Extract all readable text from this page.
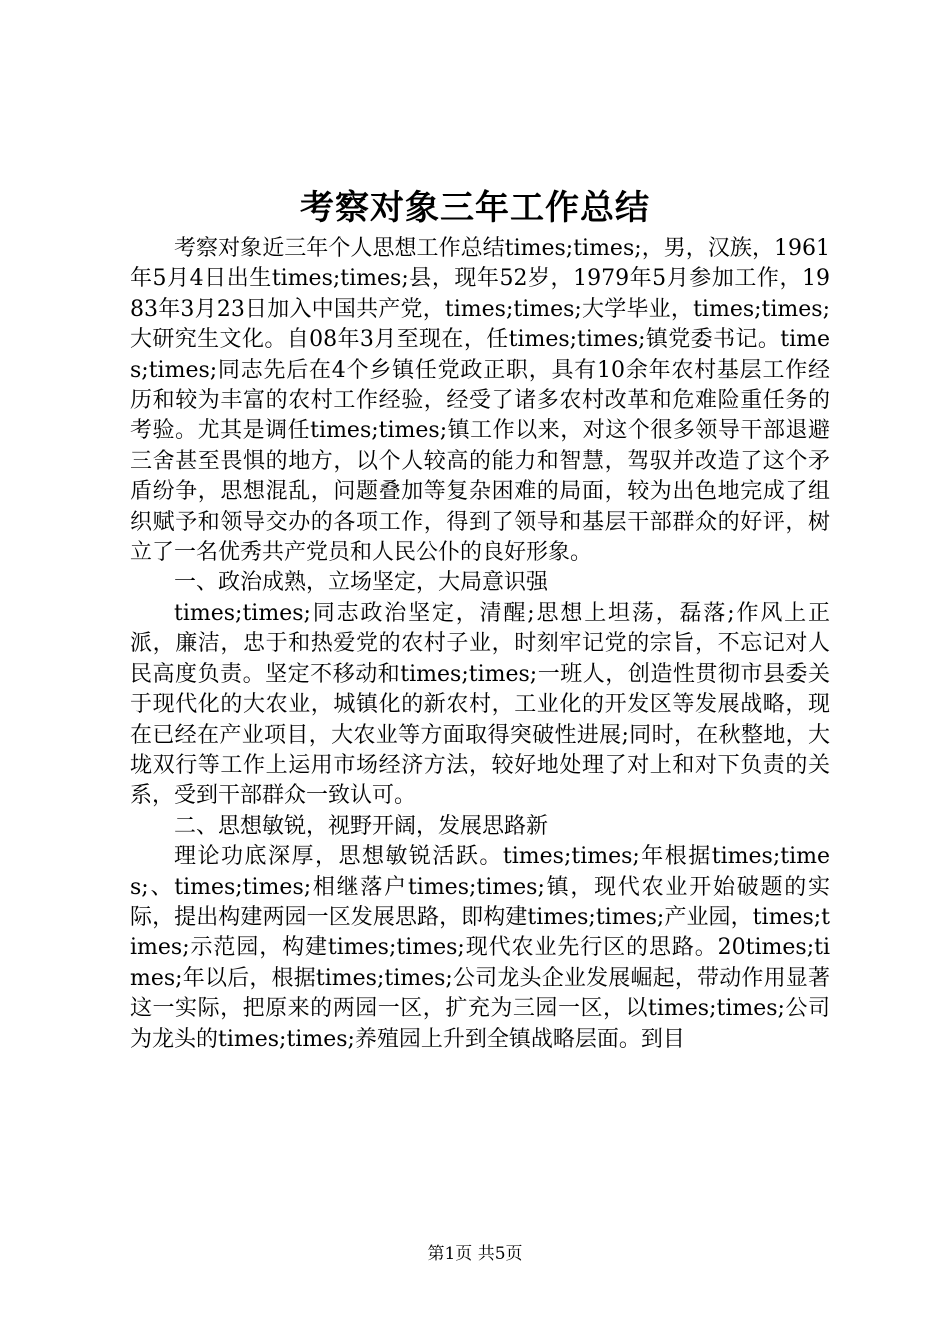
考察对象三年工作总结

考察对象近三年个人思想工作总结times;times;，男，汉族，1961年5月4日出生times;times;县，现年52岁，1979年5月参加工作，1983年3月23日加入中国共产党，times;times;大学毕业，times;times;大研究生文化。自08年3月至现在，任times;times;镇党委书记。times;times;同志先后在4个乡镇任党政正职，具有10余年农村基层工作经历和较为丰富的农村工作经验，经受了诸多农村改革和危难险重任务的考验。尤其是调任times;times;镇工作以来，对这个很多领导干部退避三舍甚至畏惧的地方，以个人较高的能力和智慧，驾驭并改造了这个矛盾纷争，思想混乱，问题叠加等复杂困难的局面，较为出色地完成了组织赋予和领导交办的各项工作，得到了领导和基层干部群众的好评，树立了一名优秀共产党员和人民公仆的良好形象。

一、政治成熟，立场坚定，大局意识强

times;times;同志政治坚定，清醒;思想上坦荡，磊落;作风上正派，廉洁，忠于和热爱党的农村子业，时刻牢记党的宗旨，不忘记对人民高度负责。坚定不移动和times;times;一班人，创造性贯彻市县委关于现代化的大农业，城镇化的新农村，工业化的开发区等发展战略，现在已经在产业项目，大农业等方面取得突破性进展;同时，在秋整地，大垅双行等工作上运用市场经济方法，较好地处理了对上和对下负责的关系，受到干部群众一致认可。

二、思想敏锐，视野开阔，发展思路新

理论功底深厚，思想敏锐活跃。times;times;年根据times;times;、times;times;相继落户times;times;镇，现代农业开始破题的实际，提出构建两园一区发展思路，即构建times;times;产业园，times;times;示范园，构建times;times;现代农业先行区的思路。20times;times;年以后，根据times;times;公司龙头企业发展崛起，带动作用显著这一实际，把原来的两园一区，扩充为三园一区，以times;times;公司为龙头的times;times;养殖园上升到全镇战略层面。到目

第1页 共5页
